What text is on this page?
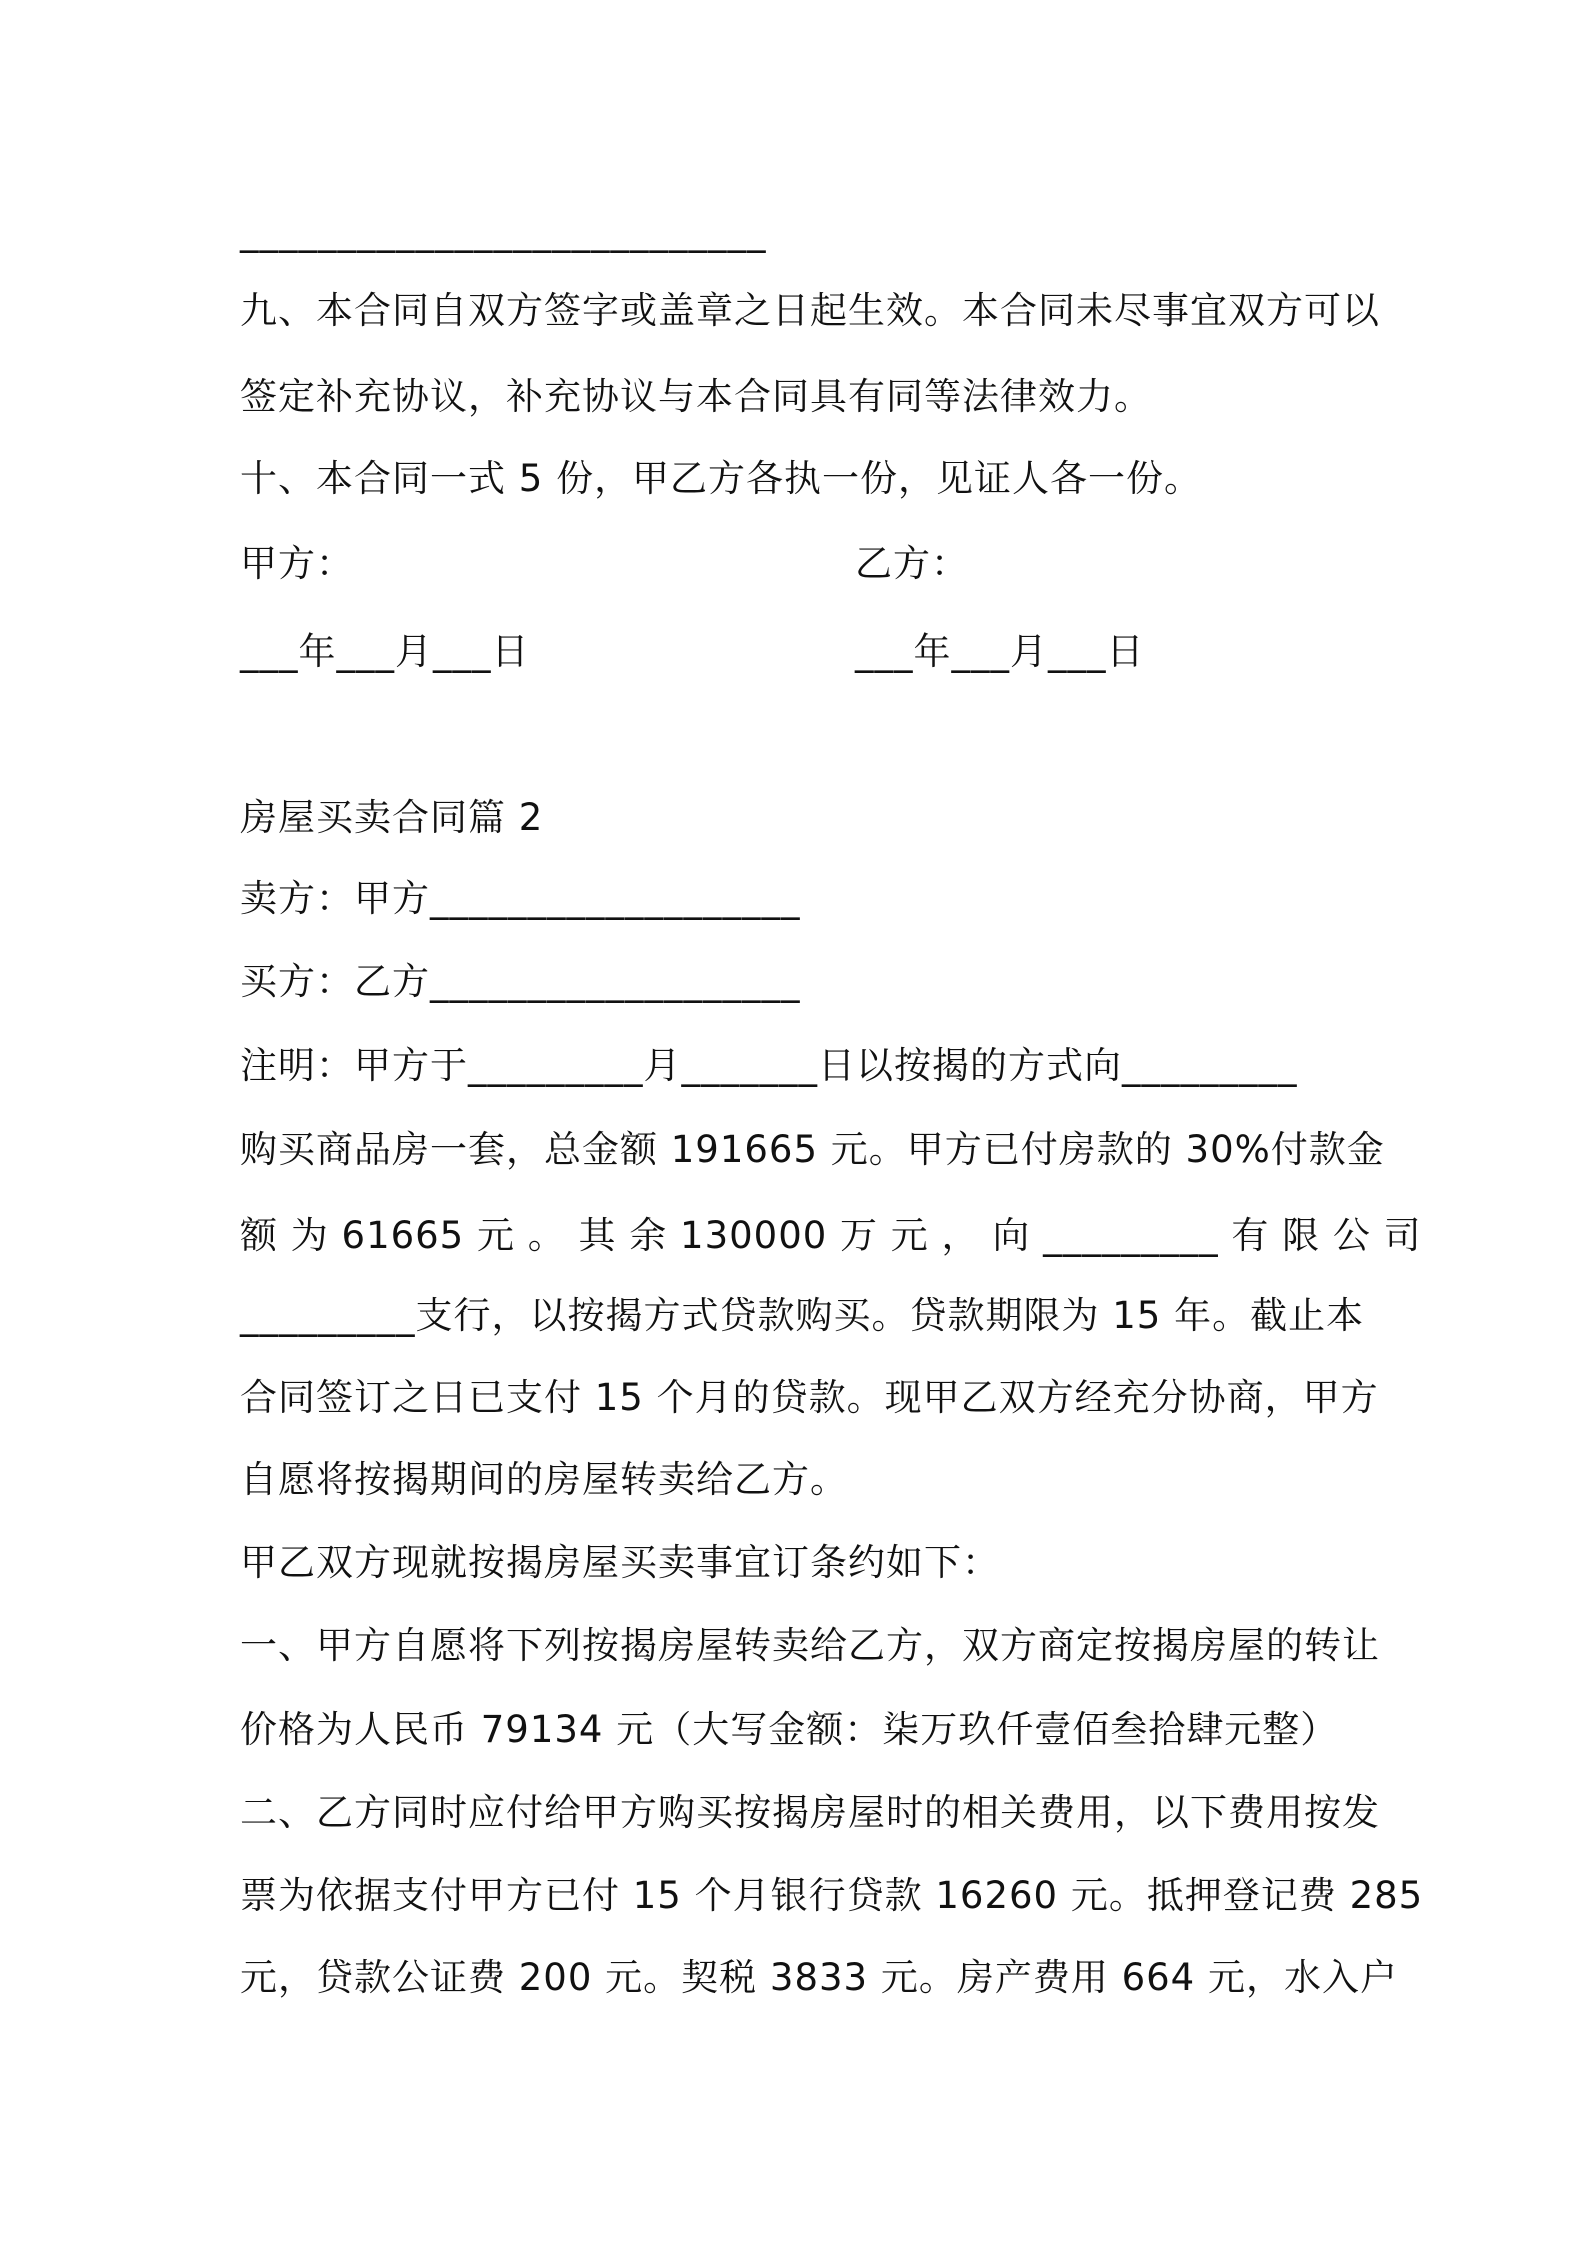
___________________________
九、本合同自双方签字或盖章之日起生效。本合同未尽事宜双方可以
签定补充协议，补充协议与本合同具有同等法律效力。
十、本合同一式 5 份，甲乙方各执一份，见证人各一份。
甲方：	乙方：
___年___月___日	___年___月___日
房屋买卖合同篇 2
卖方：甲方___________________
买方：乙方___________________
注明：甲方于_________月_______日以按揭的方式向_________
购买商品房一套，总金额 191665 元。甲方已付房款的 30%付款金
额 为 61665 元 。 其 余 130000 万 元 ， 向 _________ 有 限 公 司
_________支行，以按揭方式贷款购买。贷款期限为 15 年。截止本
合同签订之日已支付 15 个月的贷款。现甲乙双方经充分协商，甲方
自愿将按揭期间的房屋转卖给乙方。
甲乙双方现就按揭房屋买卖事宜订条约如下：
一、甲方自愿将下列按揭房屋转卖给乙方，双方商定按揭房屋的转让
价格为人民币 79134 元（大写金额：柒万玖仟壹佰叁拾肆元整）
二、乙方同时应付给甲方购买按揭房屋时的相关费用，以下费用按发
票为依据支付甲方已付 15 个月银行贷款 16260 元。抵押登记费 285
元，贷款公证费 200 元。契税 3833 元。房产费用 664 元，水入户
